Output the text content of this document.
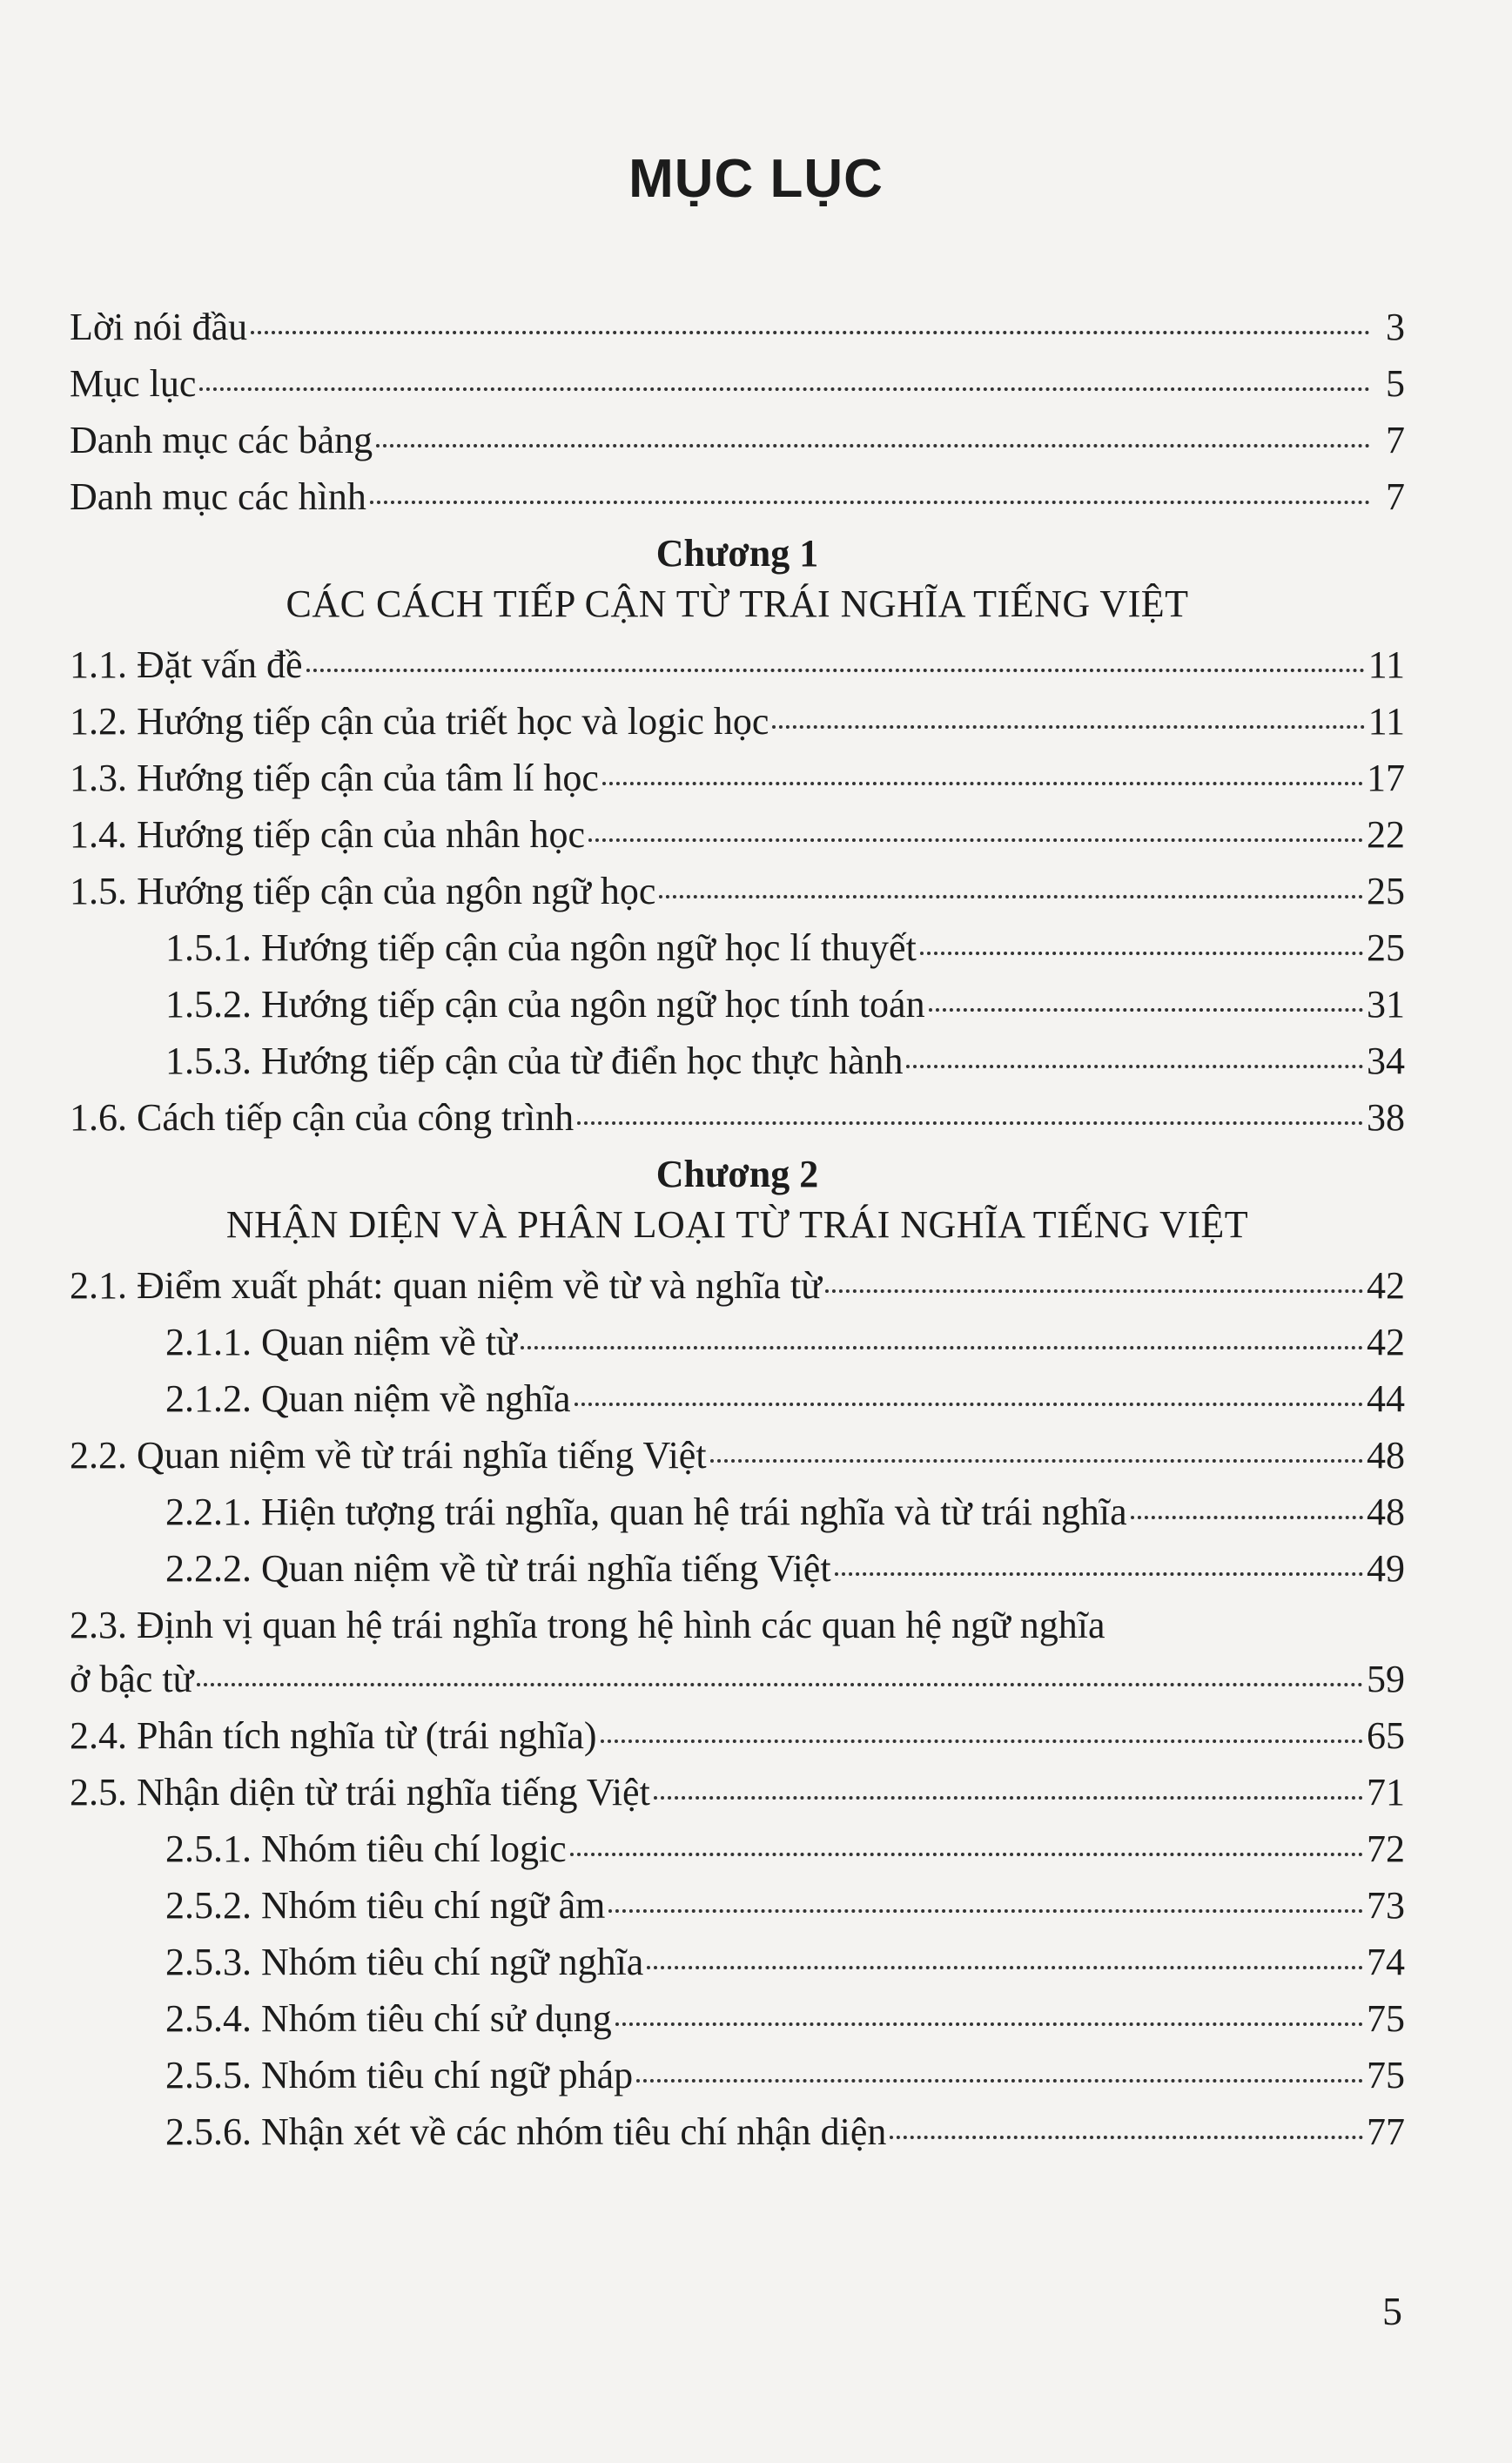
MỤC LỤC
Lời nói đầu	3
Mục lục	5
Danh mục các bảng	7
Danh mục các hình	7
Chương 1
CÁC CÁCH TIẾP CẬN TỪ TRÁI NGHĨA TIẾNG VIỆT
1.1. Đặt vấn đề	11
1.2. Hướng tiếp cận của triết học và logic học	11
1.3. Hướng tiếp cận của tâm lí học	17
1.4. Hướng tiếp cận của nhân học	22
1.5. Hướng tiếp cận của ngôn ngữ học	25
1.5.1. Hướng tiếp cận của ngôn ngữ học lí thuyết	25
1.5.2. Hướng tiếp cận của ngôn ngữ học tính toán	31
1.5.3. Hướng tiếp cận của từ điển học thực hành	34
1.6. Cách tiếp cận của công trình	38
Chương 2
NHẬN DIỆN VÀ PHÂN LOẠI TỪ TRÁI NGHĨA TIẾNG VIỆT
2.1. Điểm xuất phát: quan niệm về từ và nghĩa từ	42
2.1.1. Quan niệm về từ	42
2.1.2. Quan niệm về nghĩa	44
2.2. Quan niệm về từ trái nghĩa tiếng Việt	48
2.2.1. Hiện tượng trái nghĩa, quan hệ trái nghĩa và từ trái nghĩa	48
2.2.2. Quan niệm về từ trái nghĩa tiếng Việt	49
2.3. Định vị quan hệ trái nghĩa trong hệ hình các quan hệ ngữ nghĩa
ở bậc từ	59
2.4. Phân tích nghĩa từ (trái nghĩa)	65
2.5. Nhận diện từ trái nghĩa tiếng Việt	71
2.5.1. Nhóm tiêu chí logic	72
2.5.2. Nhóm tiêu chí ngữ âm	73
2.5.3. Nhóm tiêu chí ngữ nghĩa	74
2.5.4. Nhóm tiêu chí sử dụng	75
2.5.5. Nhóm tiêu chí ngữ pháp	75
2.5.6. Nhận xét về các nhóm tiêu chí nhận diện	77
5
